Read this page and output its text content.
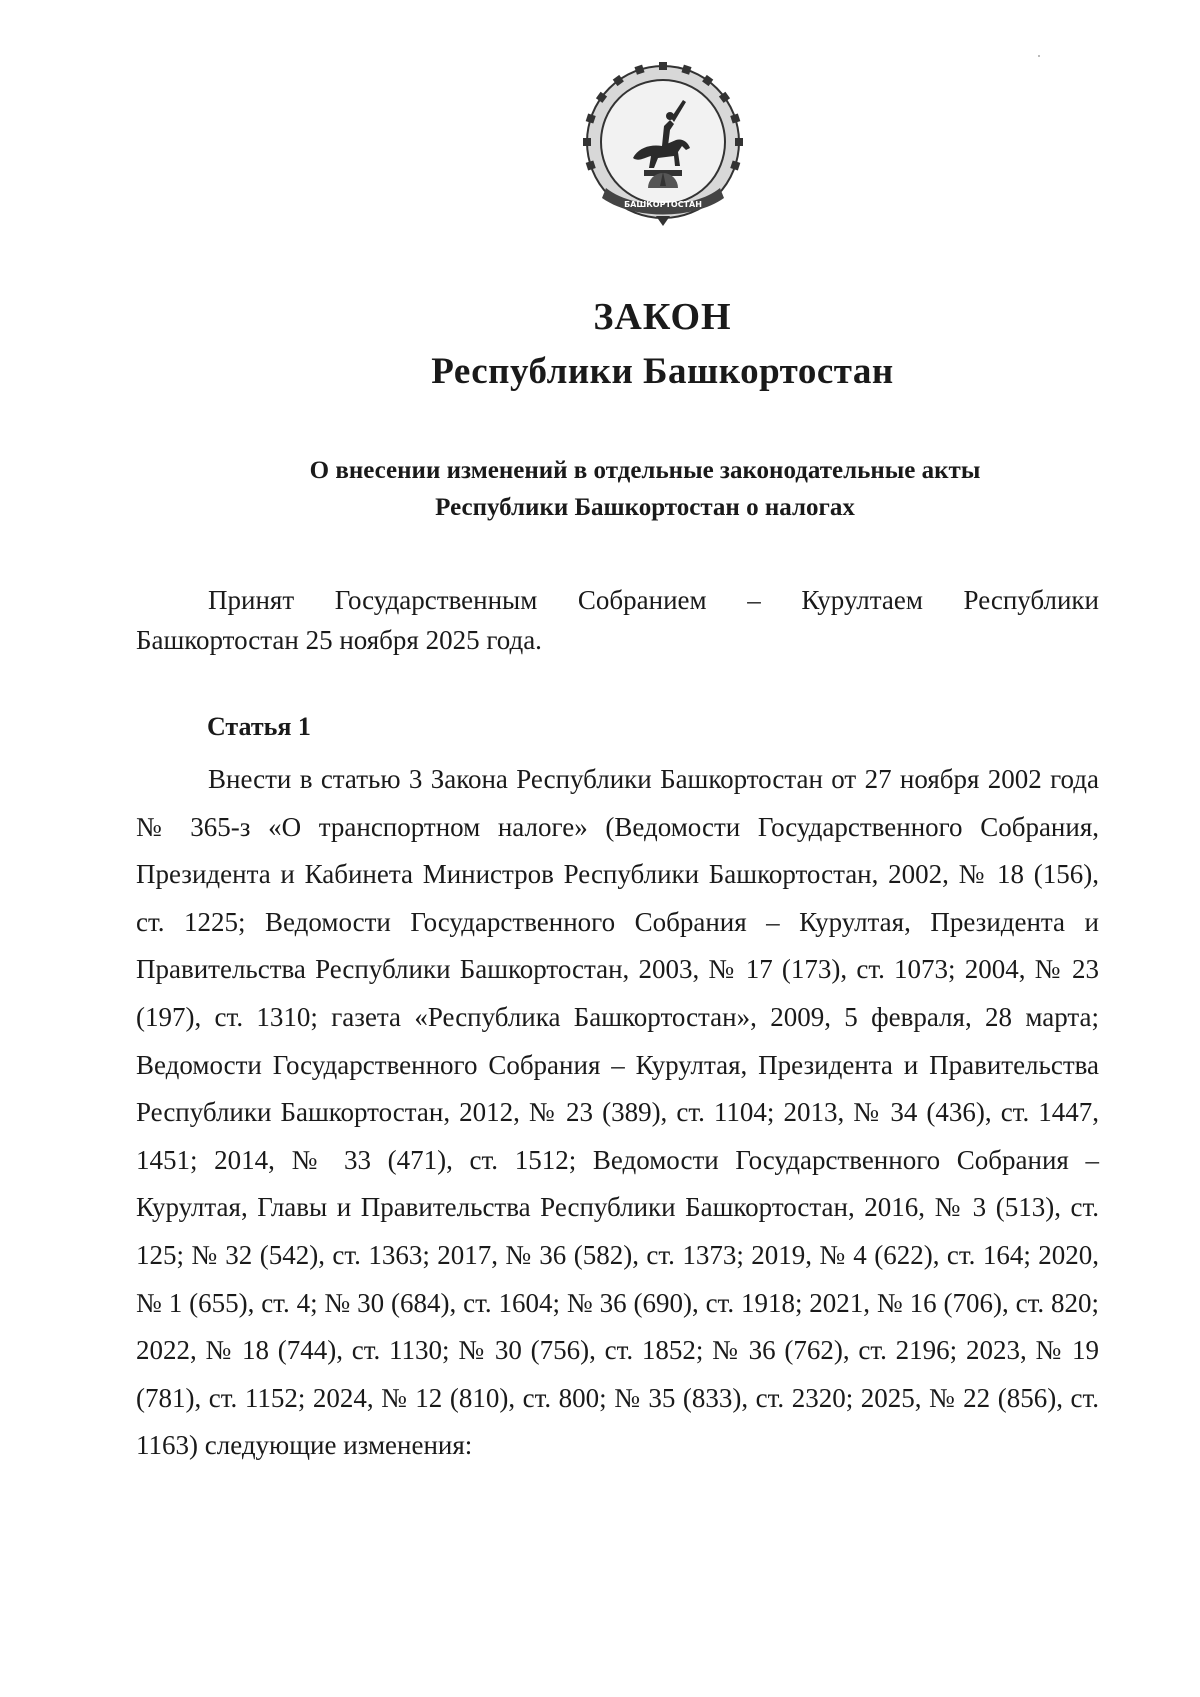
БАШКОРТОСТАН
ЗАКОН
Республики Башкортостан
О внесении изменений в отдельные законодательные акты
Республики Башкортостан о налогах
Принят Государственным Собранием – Курултаем Республики Башкортостан 25 ноября 2025 года.
Статья 1
Внести в статью 3 Закона Республики Башкортостан от 27 ноября 2002 года № 365-з «О транспортном налоге» (Ведомости Государственного Собрания, Президента и Кабинета Министров Республики Башкортостан, 2002, № 18 (156), ст. 1225; Ведомости Государственного Собрания – Курултая, Президента и Правительства Республики Башкортостан, 2003, № 17 (173), ст. 1073; 2004, № 23 (197), ст. 1310; газета «Республика Башкортостан», 2009, 5 февраля, 28 марта; Ведомости Государственного Собрания – Курултая, Президента и Правительства Республики Башкортостан, 2012, № 23 (389), ст. 1104; 2013, № 34 (436), ст. 1447, 1451; 2014, № 33 (471), ст. 1512; Ведомости Государственного Собрания – Курултая, Главы и Правительства Республики Башкортостан, 2016, № 3 (513), ст. 125; № 32 (542), ст. 1363; 2017, № 36 (582), ст. 1373; 2019, № 4 (622), ст. 164; 2020, № 1 (655), ст. 4; № 30 (684), ст. 1604; № 36 (690), ст. 1918; 2021, № 16 (706), ст. 820; 2022, № 18 (744), ст. 1130; № 30 (756), ст. 1852; № 36 (762), ст. 2196; 2023, № 19 (781), ст. 1152; 2024, № 12 (810), ст. 800; № 35 (833), ст. 2320; 2025, № 22 (856), ст. 1163) следующие изменения:
